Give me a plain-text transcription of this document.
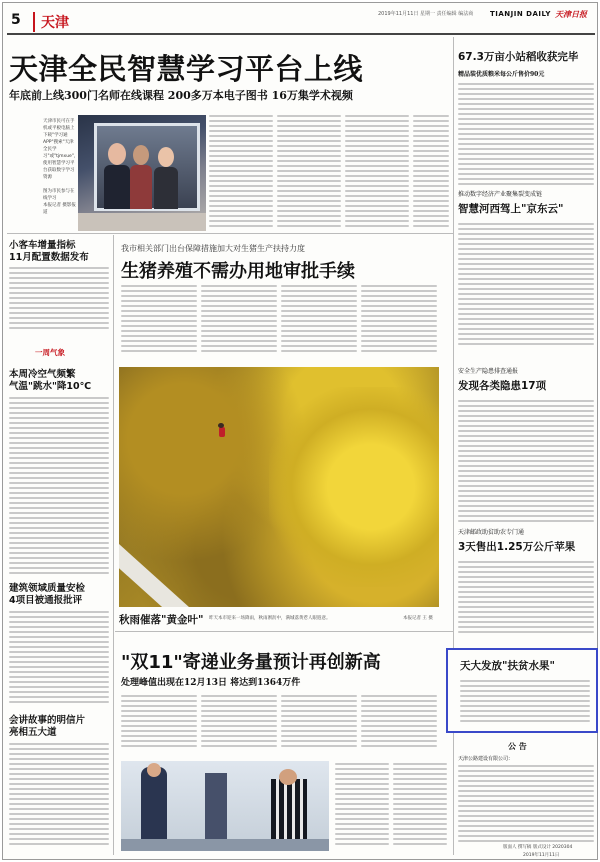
5	天津
2019年11月11日 星期一 责任编辑 编法商 TIANJIN DAILY 天津日报
天津全民智慧学习平台上线
年底前上线300门名师在线课程 200多万本电子图书 16万集学术视频
天津市民可在手机或平板电脑上下载"学习通APP"搜索"天津全民学习"或"tjmxue"，使用智慧学习平台获取数字学习资源
图为市民参与在线学习
本报记者 摄影报道
小客车增量指标
11月配置数据发布
一周气象
本周冷空气频繁
气温"跳水"降10℃
建筑领域质量安检
4项目被通报批评
会讲故事的明信片
亮相五大道
我市相关部门出台保障措施加大对生猪生产扶持力度
生猪养殖不需办用地审批手续
秋雨催落"黄金叶" 昨天本市迎来一场降雨，秋雨淅沥中，满城落黄惹人眼遐意。	本报记者 王 摄
"双11"寄递业务量预计再创新高
处理峰值出现在12月13日 将达到1364万件
67.3万亩小站稻收获完毕
精品装优质粮米每公斤售价90元
推动数字经济产业聚集裂变成链
智慧河西驾上"京东云"
安全生产隐患排查通报
发现各类隐患17项
天津邮政助贫助农专门通
3天售出1.25万公斤苹果
天大发放"扶贫水果"
公 告
天津公路建设有限公司：
版面人 撰写稿 版式设计 2020304
2019年11月11日
